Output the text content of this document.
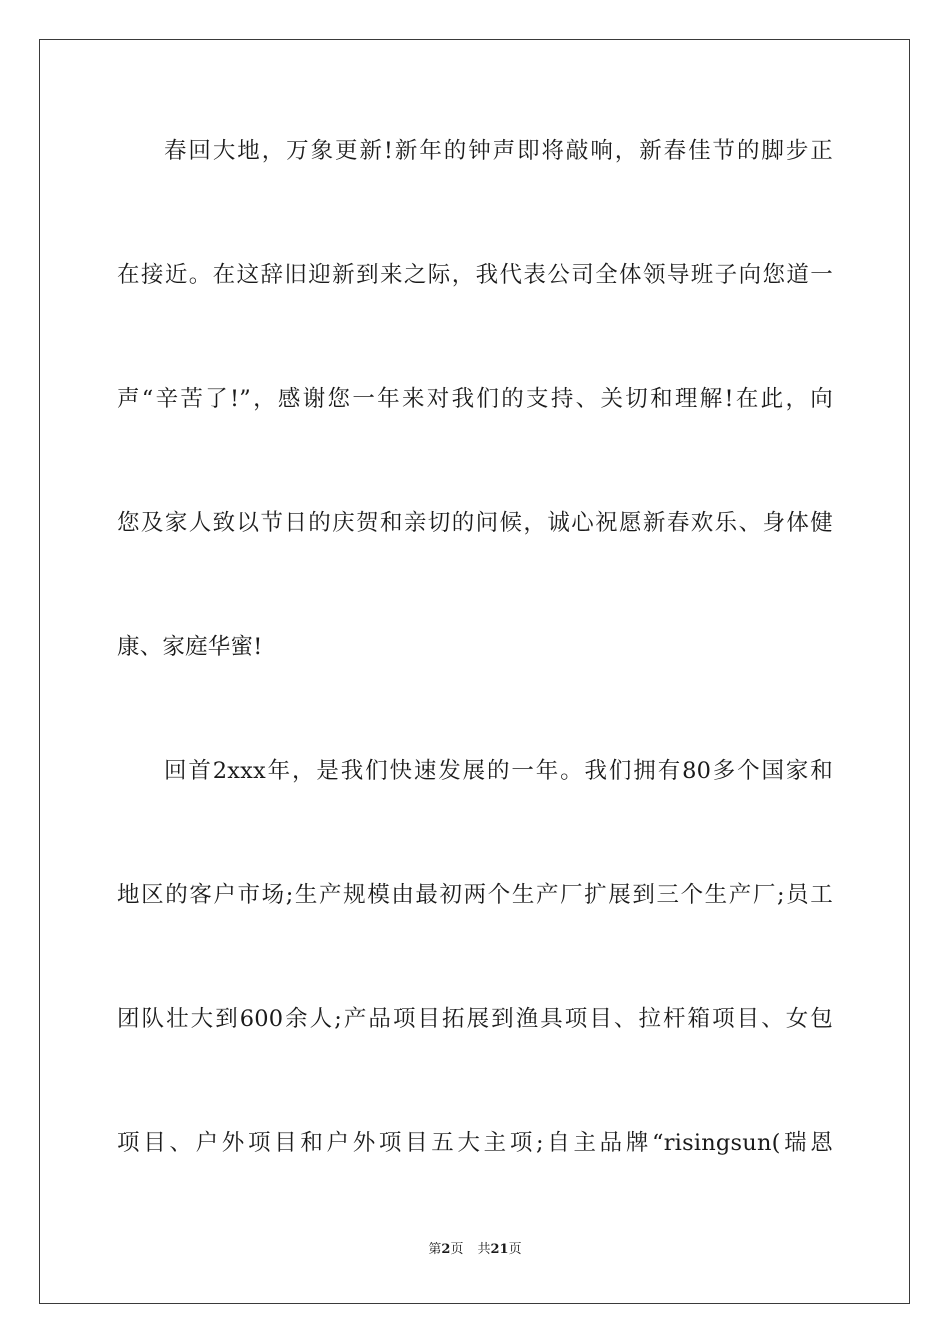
春回大地，万象更新!新年的钟声即将敲响，新春佳节的脚步正
在接近。在这辞旧迎新到来之际，我代表公司全体领导班子向您道一
声“辛苦了!”，感谢您一年来对我们的支持、关切和理解!在此，向
您及家人致以节日的庆贺和亲切的问候，诚心祝愿新春欢乐、身体健
康、家庭华蜜!
回首2xxx年，是我们快速发展的一年。我们拥有80多个国家和
地区的客户市场;生产规模由最初两个生产厂扩展到三个生产厂;员工
团队壮大到600余人;产品项目拓展到渔具项目、拉杆箱项目、女包
项目、户外项目和户外项目五大主项;自主品牌“risingsun(瑞恩
第2页 共21页
